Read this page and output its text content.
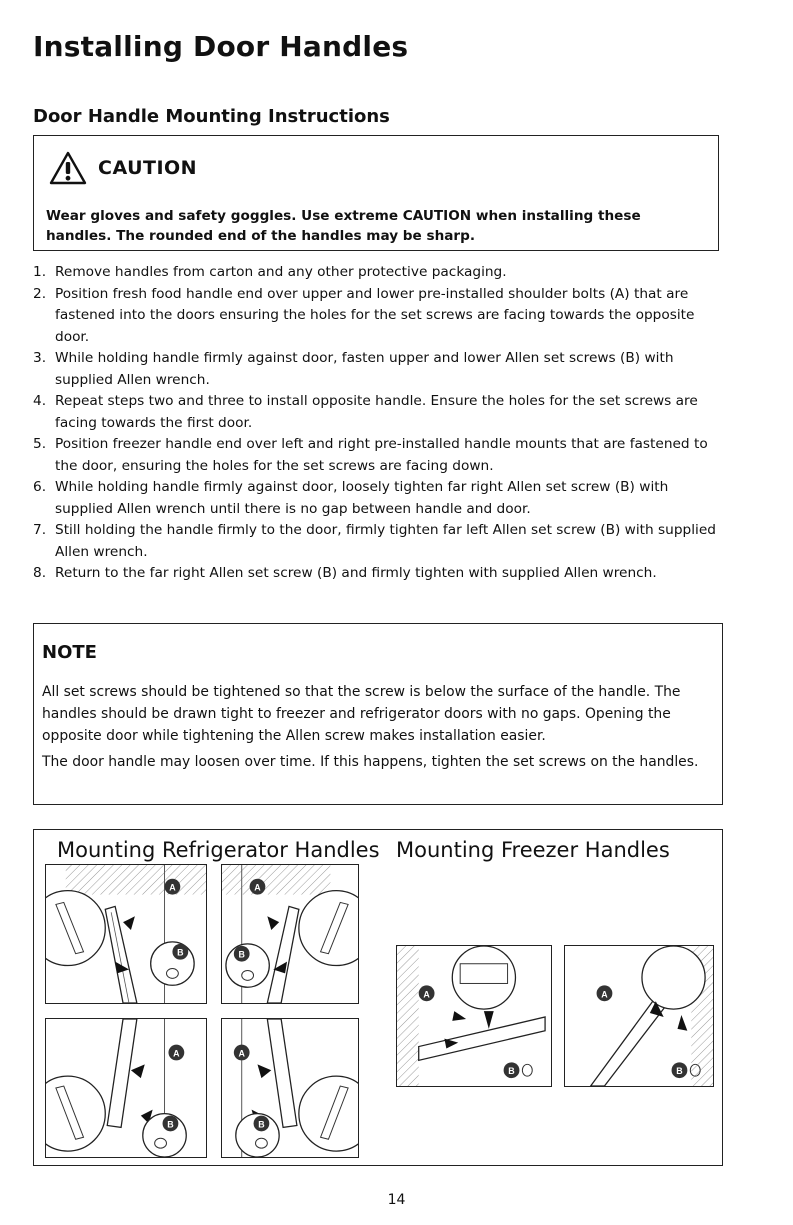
Installing Door Handles
Door Handle Mounting Instructions
CAUTION
Wear gloves and safety goggles. Use extreme CAUTION when installing these handles. The rounded end of the handles may be sharp.
1. Remove handles from carton and any other protective packaging.
2. Position fresh food handle end over upper and lower pre-installed shoulder bolts (A) that are fastened into the doors ensuring the holes for the set screws are facing towards the opposite door.
3. While holding handle firmly against door, fasten upper and lower Allen set screws (B) with supplied Allen wrench.
4. Repeat steps two and three to install opposite handle. Ensure the holes for the set screws are facing towards the first door.
5. Position freezer handle end over left and right pre-installed handle mounts that are fastened to the door, ensuring the holes for the set screws are facing down.
6. While holding handle firmly against door, loosely tighten far right Allen set screw (B) with supplied Allen wrench until there is no gap between handle and door.
7. Still holding the handle firmly to the door, firmly tighten far left Allen set screw (B) with supplied Allen wrench.
8. Return to the far right Allen set screw (B) and firmly tighten with supplied Allen wrench.
NOTE
All set screws should be tightened so that the screw is below the surface of the handle. The handles should be drawn tight to freezer and refrigerator doors with no gaps. Opening the opposite door while tightening the Allen screw makes installation easier.
The door handle may loosen over time. If this happens, tighten the set screws on the handles.
Mounting Refrigerator Handles Mounting Freezer Handles
A
B
A
B
A
B
A
B
A
B
A
B
14
